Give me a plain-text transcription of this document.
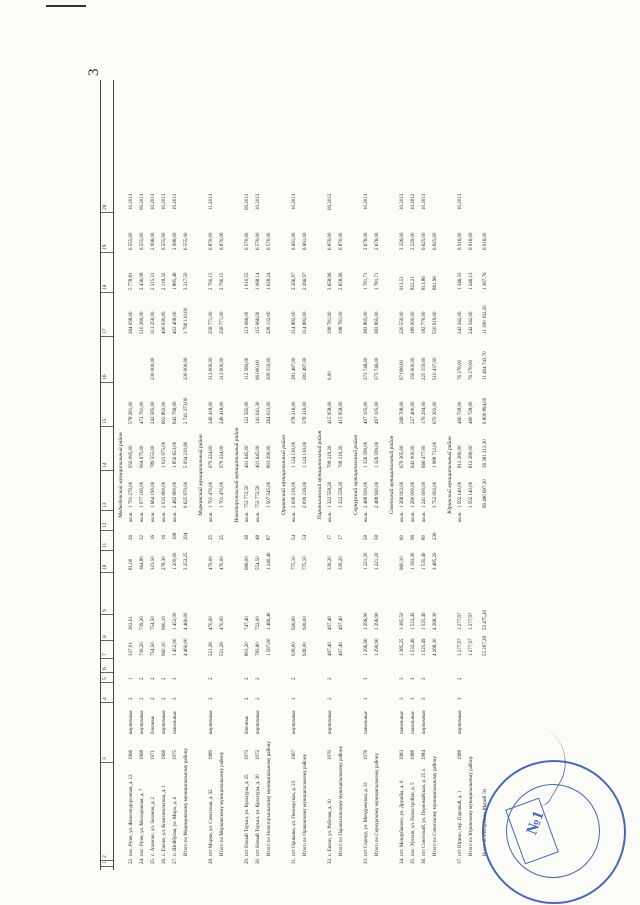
3
1
2
3
4
5
6
7
8
9
10
11
12
13
14
15
16
17
18
19
20
Медведевский муниципальный район
22.
пос. Руэм, ул. Железнодорожная, д. 12
1966
кирпичные
2
1
337,01
302,01
81,00
26
кв.м.
1 791 270,00
950 095,00
578 281,00
264 098,00
5 778,81
6 555,00
10.2013
24.
пос. Руэм, ул. Молодежная, д. 7
1968
кирпичные
2
2
739,20
739,20
364,80
32
кв.м.
1 977 100,00
904 675,00
472 761,00
510 269,00
2 436,08
6 555,00
09.2013
25.
с. Азаново, ул. Зеленая, д. 2
1971
блочные
2
2
754,50
754,50
323,50
16
кв.м.
1 664 190,00
789 555,00
243 585,00
230 000,00
313 256,00
2 315,31
2 996,00
10.2013
26.
с. Ежово, ул. Комсомольская, д. 1
1966
кирпичные
2
2
960,10
960,10
278,30
16
кв.м.
2 033 800,00
1 023 975,00
602 892,00
406 930,00
2 118,32
6 555,00
10.2013
27.
п. Шойбулак, ул. Мира, д. 4
1975
панельные
3
3
1 452,00
1 452,00
1 200,00
108
кв.м.
2 482 800,00
1 856 653,00
843 796,00
402 408,00
1 885,48
2 996,00
10.2013
Итого по Медведевскому муниципальному району
4 460,00
4 460,00
2 253,25
204
9 625 970,00
5 094 210,80
2 741 373,00
230 000,00
1 790 110,00
2 217,50
6 555,00
Моркинский муниципальный район
28.
пгт Морки, ул. Советская, д. 32
1989
кирпичные
2
2
521,28
470,00
470,00
25
кв.м.
1 701 470,00
979 224,00
249 418,00
313 000,00
258 771,00
2 790,15
6 870,00
11.2013
Итого по Моркинскому муниципальному району
521,28
470,00
470,00
25
1 701 470,00
979 224,00
249 418,00
313 000,00
258 771,00
2 790,15
6 870,00
Новоторъяльский муниципальный район
29.
пгт Новый Торъял, ул. Культуры, д. 25
1973
блочные
2
2
803,20
747,40
686,00
38
кв.м.
753 772,50
401 645,00
122 565,00
112 589,00
113 066,00
1 010,55
6 570,00
09.2013
30.
пгт Новый Торъял, ул. Культуры, д. 30
1972
кирпичные
2
2
783,80
722,00
554,50
48
кв.м.
753 772,50
401 645,00
141 041,30
96 000,00
115 066,00
1 068,14
6 570,00
10.2013
Итого по Новоторъяльскому муниципальному району
1 587,00
1 469,40
1 240,40
87
1 507 545,00
803 290,00
264 023,00
209 550,00
228 132,00
1 028,24
6 570,00
Оршанский муниципальный район
31.
пгт Оршанка, ул. Пионерская, д. 23
1967
кирпичные
3
2
928,00
926,00
775,10
54
кв.м.
2 099 216,00
1 124 130,00
378 316,00
281 487,00
314 882,00
2 266,97
6 691,00
10.2013
Итого по Оршанскому муниципальному району
928,00
926,00
775,10
54
2 099 216,00
1 124 130,00
378 316,00
281 487,00
314 882,00
2 266,97
6 661,00
Параньгинский муниципальный район
32.
с. Ексин, ул. Рабочая, д. 10
1970
кирпичные
2
2
497,40
497,40
339,20
17
кв.м.
1 322 558,20
708 219,20
415 958,00
0,00
198 781,00
2 658,96
6 870,00
09.2012
Итого по Параньгинскому муниципальному району
497,40
497,40
339,20
17
1 322 558,20
708 219,20
415 958,00
198 781,00
2 658,96
6 870,00
Сернурский муниципальный район
33.
пгт Сернур, ул. Мендуевская, д. 31
1976
панельные
3
3
1 296,90
1 296,90
1 221,20
58
кв.м.
2 488 920,00
1 326 599,00
497 105,00
373 746,00
382 865,00
1 781,71
2 676,00
10.2013
Итого по Сернурскому муниципальному району
1 296,90
1 296,90
1 221,20
58
2 488 920,00
1 326 599,00
497 105,00
373 746,00
382 865,00
1 781,71
2 676,00
Советский муниципальный район
34.
пгт. Мендубаново, ул. Дружбы, д. 6
1983
панельные
3
3
1 385,25
1 385,50
960,10
60
кв.м.
1 268 002,00
679 305,00
268 708,00
97 098,00
220 550,00
913,51
2 226,00
10.2013
35.
пос. Урсеин, ул. Новостройки, д. 5
1988
панельные
3
3
1 532,49
1 523,45
1 183,30
96
кв.м.
1 260 000,00
642 000,00
227 400,00
150 000,00
189 000,00
822,21
2 229,00
10.2012
36.
пгт Советский, ул. Первомайская, д. 25 а
1984
кирпичные
3
3
1 525,49
1 525,49
1 535,40
80
кв.м.
1 241 000,00
666 477,00
176 294,00
225 159,00
182 770,00
813,86
6 625,00
10.2013
Итого по Советскому муниципальному району
4 268,30
4 268,30
3 485,20
236
3 752 002,00
1 988 712,00
670 302,00
510 437,00
550 919,00
861,96
6 625,00
Юринский муниципальный район
37.
пгт Юрино, пер. Паровый, д. 1
1988
кирпичные
3
2
1 277,97
1 277,97
кв.м.
1 592 140,00
812 280,00
460 728,00
76 278,00
242 342,00
1 346,33
6 916,00
10.2013
Итого по Юринскому муниципальному району
1 277,97
1 277,97
1 592 140,00
812 280,00
460 728,00
76 278,00
242 342,00
1 246,13
6 916,00
Всего по Республике Марий Эл
55 297,28
53 475,20
69 460 697,20
36 381 212,30
9 800 894,00
11 404 743,70
11 390 162,20
1 367,76
6 916,00
№1
